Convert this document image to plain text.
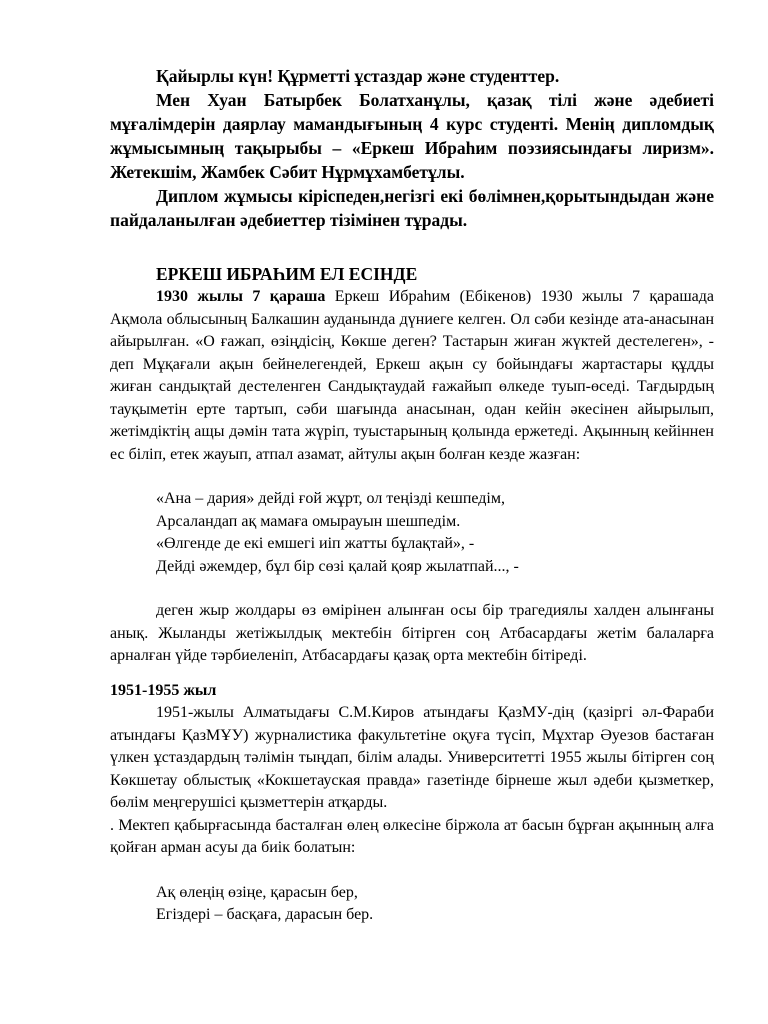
Қайырлы күн! Құрметті ұстаздар және студенттер.

Мен Хуан Батырбек Болатханұлы, қазақ тілі және әдебиеті мұғалімдерін даярлау мамандығының 4 курс студенті. Менің дипломдық жұмысымның тақырыбы – «Еркеш Ибраһим поэзиясындағы лиризм». Жетекшім, Жамбек Сәбит Нұрмұхамбетұлы.

Диплом жұмысы кіріспеден,негізгі екі бөлімнен,қорытындыдан және пайдаланылған әдебиеттер тізімінен тұрады.

ЕРКЕШ ИБРАҺИМ ЕЛ ЕСІНДЕ

1930 жылы 7 қараша Еркеш Ибраһим (Ебікенов) 1930 жылы 7 қарашада Ақмола облысының Балкашин ауданында дүниеге келген. Ол сәби кезінде ата-анасынан айырылған. «О ғажап, өзіңдісің, Көкше деген? Тастарын жиған жүктей дестелеген», - деп Мұқағали ақын бейнелегендей, Еркеш ақын су бойындағы жартастары құдды жиған сандықтай дестеленген Сандықтаудай ғажайып өлкеде туып-өседі. Тағдырдың тауқыметін ерте тартып, сәби шағында анасынан, одан кейін әкесінен айырылып, жетімдіктің ащы дәмін тата жүріп, туыстарының қолында ержетеді. Ақынның кейіннен ес біліп, етек жауып, атпал азамат, айтулы ақын болған кезде жазған:

«Ана – дария» дейді ғой жұрт, ол теңізді кешпедім,
Арсаландап ақ мамаға омырауын шешпедім.
«Өлгенде де екі емшегі иіп жатты бұлақтай», -
Дейді әжемдер, бұл бір сөзі қалай қояр жылатпай..., -

деген жыр жолдары өз өмірінен алынған осы бір трагедиялы халден алынғаны анық. Жыланды жетіжылдық мектебін бітірген соң Атбасардағы жетім балаларға арналған үйде тәрбиеленіп, Атбасардағы қазақ орта мектебін бітіреді.

1951-1955 жыл

1951-жылы Алматыдағы С.М.Киров атындағы ҚазМУ-дің (қазіргі әл-Фараби атындағы ҚазМҰУ) журналистика факультетіне оқуға түсіп, Мұхтар Әуезов бастаған үлкен ұстаздардың тәлімін тыңдап, білім алады. Университетті 1955 жылы бітірген соң Көкшетау облыстық «Кокшетауская правда» газетінде бірнеше жыл әдеби қызметкер, бөлім меңгерушісі қызметтерін атқарды.

. Мектеп қабырғасында басталған өлең өлкесіне біржола ат басын бұрған ақынның алға қойған арман асуы да биік болатын:

Ақ өлеңің өзіңе, қарасын бер,
Егіздері – басқаға, дарасын бер.
